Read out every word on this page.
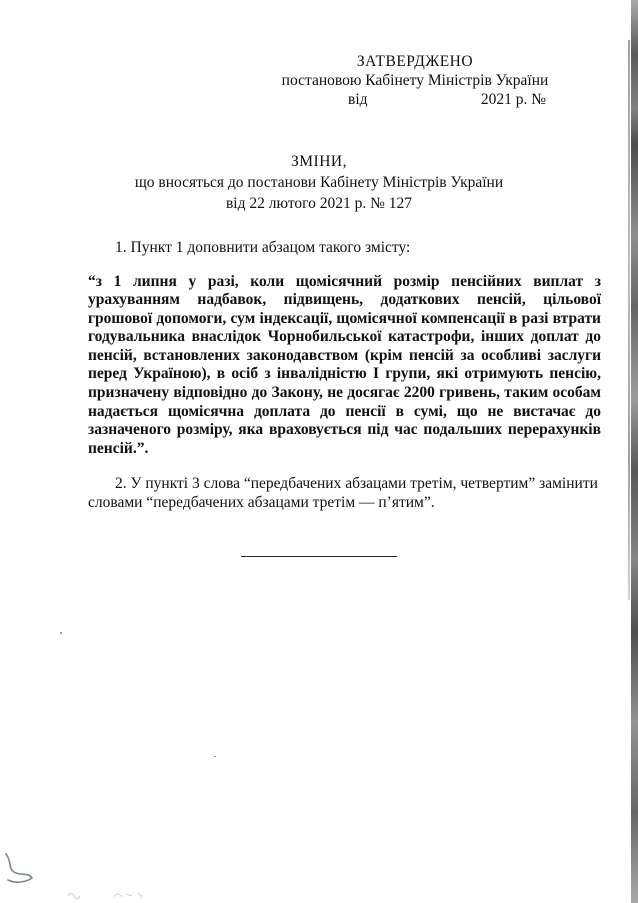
ЗАТВЕРДЖЕНО
постановою Кабінету Міністрів України
від	2021 р. №
ЗМІНИ,
що вносяться до постанови Кабінету Міністрів України
від 22 лютого 2021 р. № 127

1. Пункт 1 доповнити абзацом такого змісту:

“з 1 липня у разі, коли щомісячний розмір пенсійних виплат з урахуванням надбавок, підвищень, додаткових пенсій, цільової грошової допомоги, сум індексації, щомісячної компенсації в разі втрати годувальника внаслідок Чорнобильської катастрофи, інших доплат до пенсій, встановлених законодавством (крім пенсій за особливі заслуги перед Україною), в осіб з інвалідністю І групи, які отримують пенсію, призначену відповідно до Закону, не досягає 2200 гривень, таким особам надається щомісячна доплата до пенсії в сумі, що не вистачає до зазначеного розміру, яка враховується під час подальших перерахунків пенсій.”.

2. У пункті 3 слова “передбачених абзацами третім, четвертим” замінити словами “передбачених абзацами третім — п’ятим”.
